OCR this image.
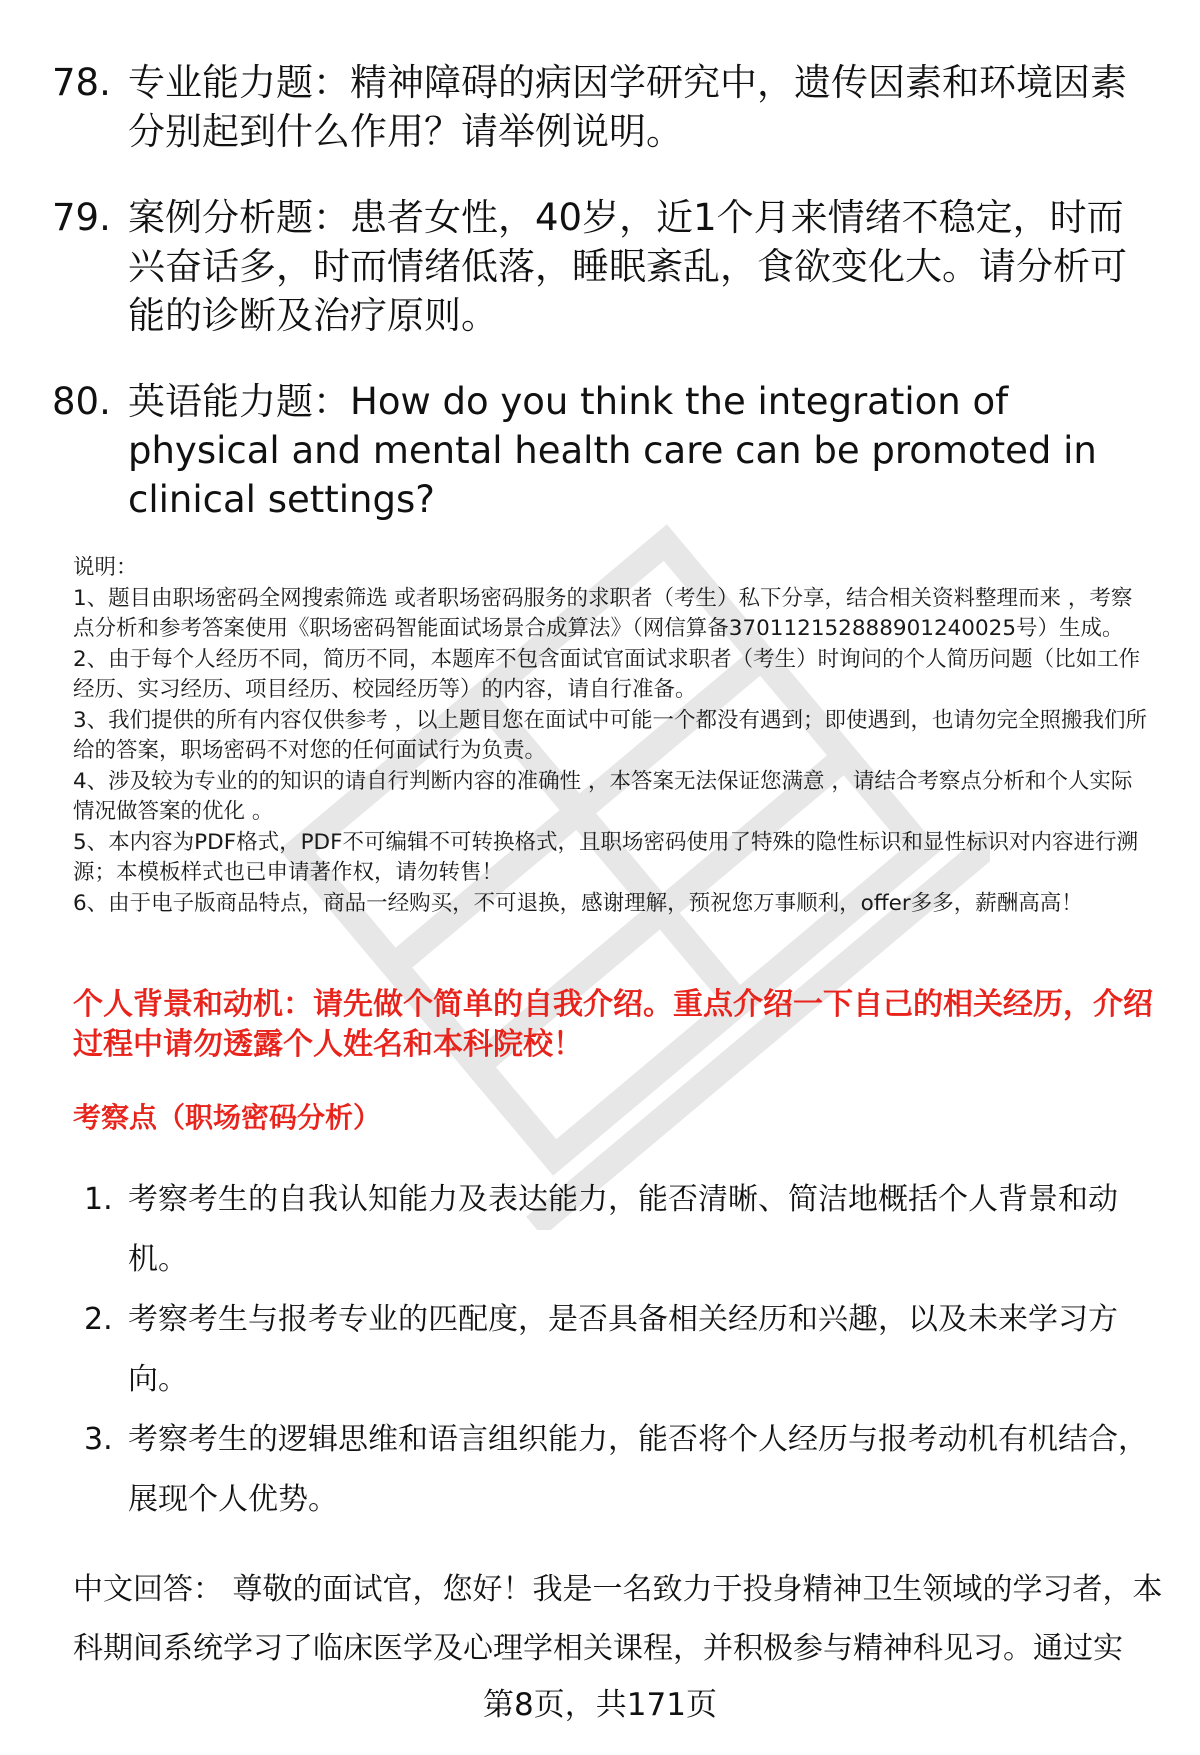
78. 专业能力题：精神障碍的病因学研究中，遗传因素和环境因素分别起到什么作用？请举例说明。
79. 案例分析题：患者女性，40岁，近1个月来情绪不稳定，时而兴奋话多，时而情绪低落，睡眠紊乱，食欲变化大。请分析可能的诊断及治疗原则。
80. 英语能力题：How do you think the integration of physical and mental health care can be promoted in clinical settings?

说明：

1、题目由职场密码全网搜索筛选 或者职场密码服务的求职者（考生）私下分享，结合相关资料整理而来 ，考察点分析和参考答案使用《职场密码智能面试场景合成算法》（网信算备370112152888901240025号）生成。

2、由于每个人经历不同，简历不同，本题库不包含面试官面试求职者（考生）时询问的个人简历问题（比如工作经历、实习经历、项目经历、校园经历等）的内容，请自行准备。

3、我们提供的所有内容仅供参考 ，以上题目您在面试中可能一个都没有遇到；即使遇到，也请勿完全照搬我们所给的答案，职场密码不对您的任何面试行为负责。

4、涉及较为专业的的知识的请自行判断内容的准确性 ，本答案无法保证您满意 ，请结合考察点分析和个人实际情况做答案的优化 。

5、本内容为PDF格式，PDF不可编辑不可转换格式，且职场密码使用了特殊的隐性标识和显性标识对内容进行溯源；本模板样式也已申请著作权，请勿转售！

6、由于电子版商品特点，商品一经购买，不可退换，感谢理解，预祝您万事顺利，offer多多，薪酬高高！

个人背景和动机：请先做个简单的自我介绍。重点介绍一下自己的相关经历，介绍过程中请勿透露个人姓名和本科院校！
考察点（职场密码分析）
1. 考察考生的自我认知能力及表达能力，能否清晰、简洁地概括个人背景和动机。
2. 考察考生与报考专业的匹配度，是否具备相关经历和兴趣，以及未来学习方向。
3. 考察考生的逻辑思维和语言组织能力，能否将个人经历与报考动机有机结合，展现个人优势。
中文回答： 尊敬的面试官，您好！我是一名致力于投身精神卫生领域的学习者，本科期间系统学习了临床医学及心理学相关课程，并积极参与精神科见习。通过实
第8页，共171页
